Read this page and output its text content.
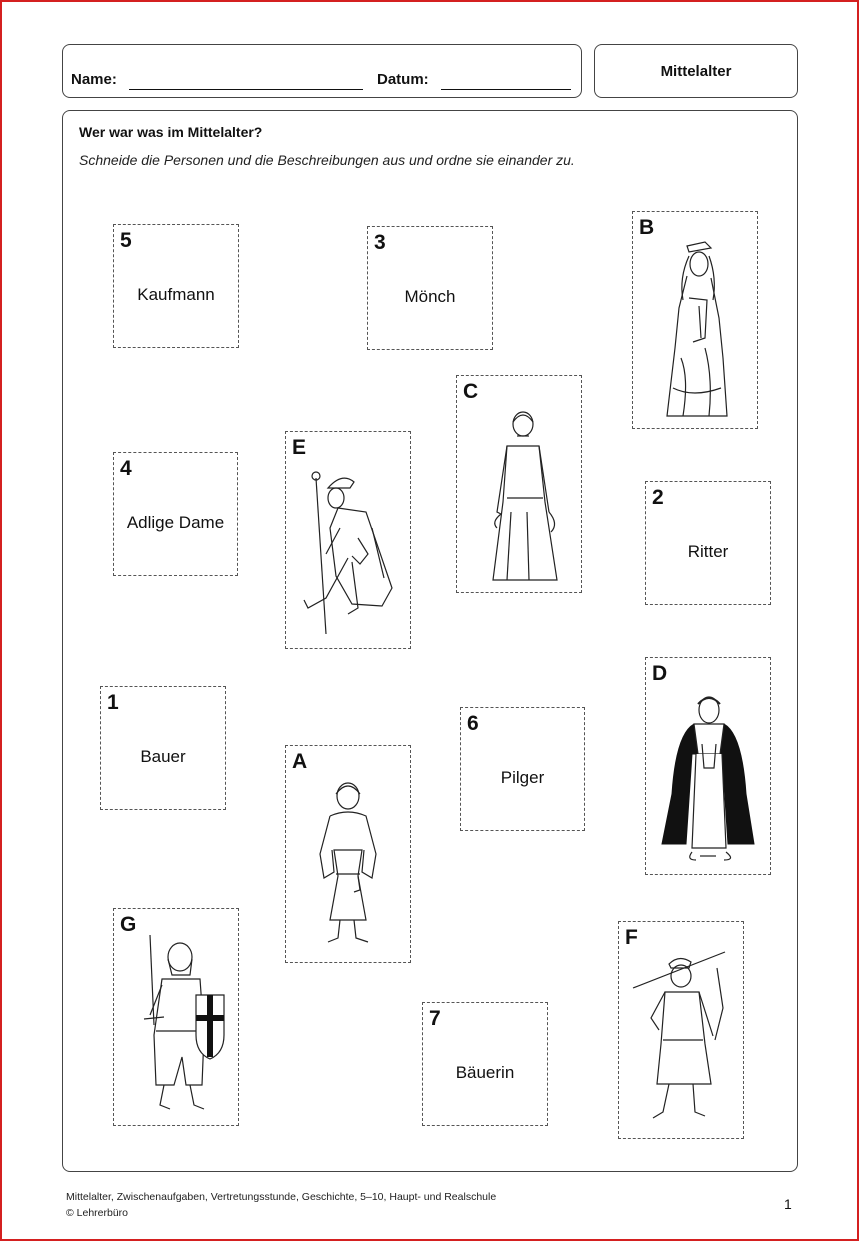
Name:	Datum:	Mittelalter
Wer war was im Mittelalter?
Schneide die Personen und die Beschreibungen aus und ordne sie einander zu.
5
Kaufmann
3
Mönch
4
Adlige Dame
2
Ritter
1
Bauer
6
Pilger
7
Bäuerin
B
C
E
D
A
G
F
Mittelalter, Zwischenaufgaben, Vertretungsstunde, Geschichte, 5–10, Haupt- und Realschule
© Lehrerbüro
1
